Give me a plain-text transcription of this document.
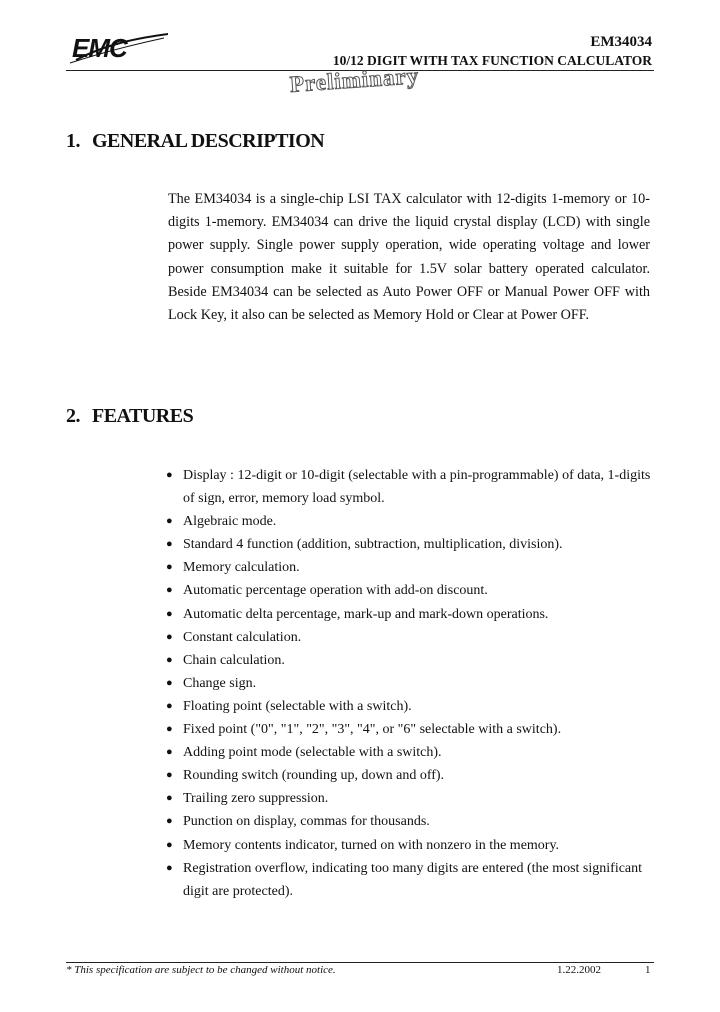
EMC	EM34034
10/12 DIGIT WITH TAX FUNCTION CALCULATOR
Preliminary
1. GENERAL DESCRIPTION

The EM34034 is a single-chip LSI TAX calculator with 12-digits 1-memory or 10-digits 1-memory. EM34034 can drive the liquid crystal display (LCD) with single power supply. Single power supply operation, wide operating voltage and lower power consumption make it suitable for 1.5V solar battery operated calculator. Beside EM34034 can be selected as Auto Power OFF or Manual Power OFF with Lock Key, it also can be selected as Memory Hold or Clear at Power OFF.

2. FEATURES
● Display : 12-digit or 10-digit (selectable with a pin-programmable) of data, 1-digits of sign, error, memory load symbol.
● Algebraic mode.
● Standard 4 function (addition, subtraction, multiplication, division).
● Memory calculation.
● Automatic percentage operation with add-on discount.
● Automatic delta percentage, mark-up and mark-down operations.
● Constant calculation.
● Chain calculation.
● Change sign.
● Floating point (selectable with a switch).
● Fixed point ("0", "1", "2", "3", "4", or "6" selectable with a switch).
● Adding point mode (selectable with a switch).
● Rounding switch (rounding up, down and off).
● Trailing zero suppression.
● Punction on display, commas for thousands.
● Memory contents indicator, turned on with nonzero in the memory.
● Registration overflow, indicating too many digits are entered (the most significant digit are protected).
* This specification are subject to be changed without notice.	1.22.2002	1
